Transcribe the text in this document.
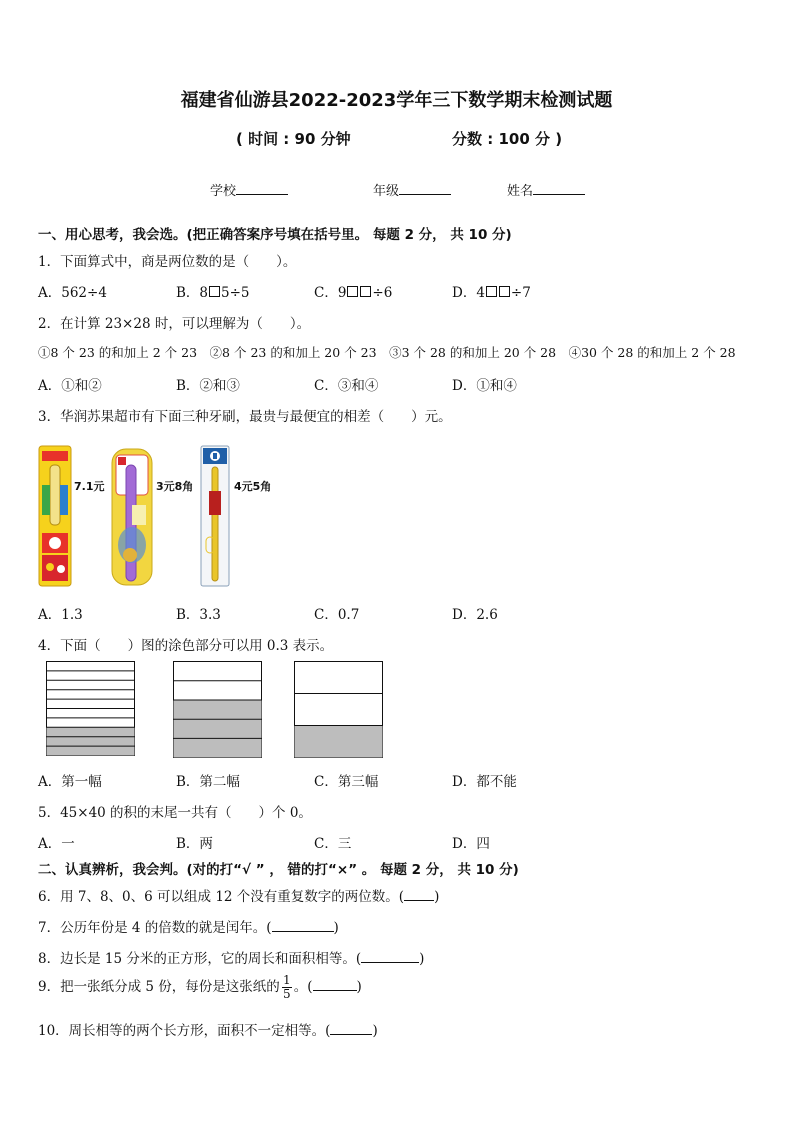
福建省仙游县2022-2023学年三下数学期末检测试题
( 时间 : 90 分钟	分数 : 100 分 )
学校	年级	姓名
一、用心思考，我会选。(把正确答案序号填在括号里。 每题 2 分， 共 10 分)
1．下面算式中，商是两位数的是（　　）。
A．562÷4	B．8 5÷5	C．9 ÷6	D．4 ÷7
2．在计算 23×28 时，可以理解为（　　）。
①8 个 23 的和加上 2 个 23　②8 个 23 的和加上 20 个 23　③3 个 28 的和加上 20 个 28　④30 个 28 的和加上 2 个 28
A．①和②	B．②和③	C．③和④	D．①和④
3．华润苏果超市有下面三种牙刷，最贵与最便宜的相差（　　）元。
7.1元	3元8角	4元5角
A．1.3	B．3.3	C．0.7	D．2.6
4．下面（　　）图的涂色部分可以用 0.3 表示。
A．第一幅	B．第二幅	C．第三幅	D．都不能
5．45×40 的积的末尾一共有（　　）个 0。
A．一	B．两	C．三	D．四
二、认真辨析，我会判。(对的打“√ ” ， 错的打“×” 。 每题 2 分， 共 10 分)
6．用 7、8、0、6 可以组成 12 个没有重复数字的两位数。( )
7．公历年份是 4 的倍数的就是闰年。(	)
8．边长是 15 分米的正方形，它的周长和面积相等。(	)
9．把一张纸分成 5 份，每份是这张纸的 $\frac{1}{5}$ 。(	)
10．周长相等的两个长方形，面积不一定相等。(	)
